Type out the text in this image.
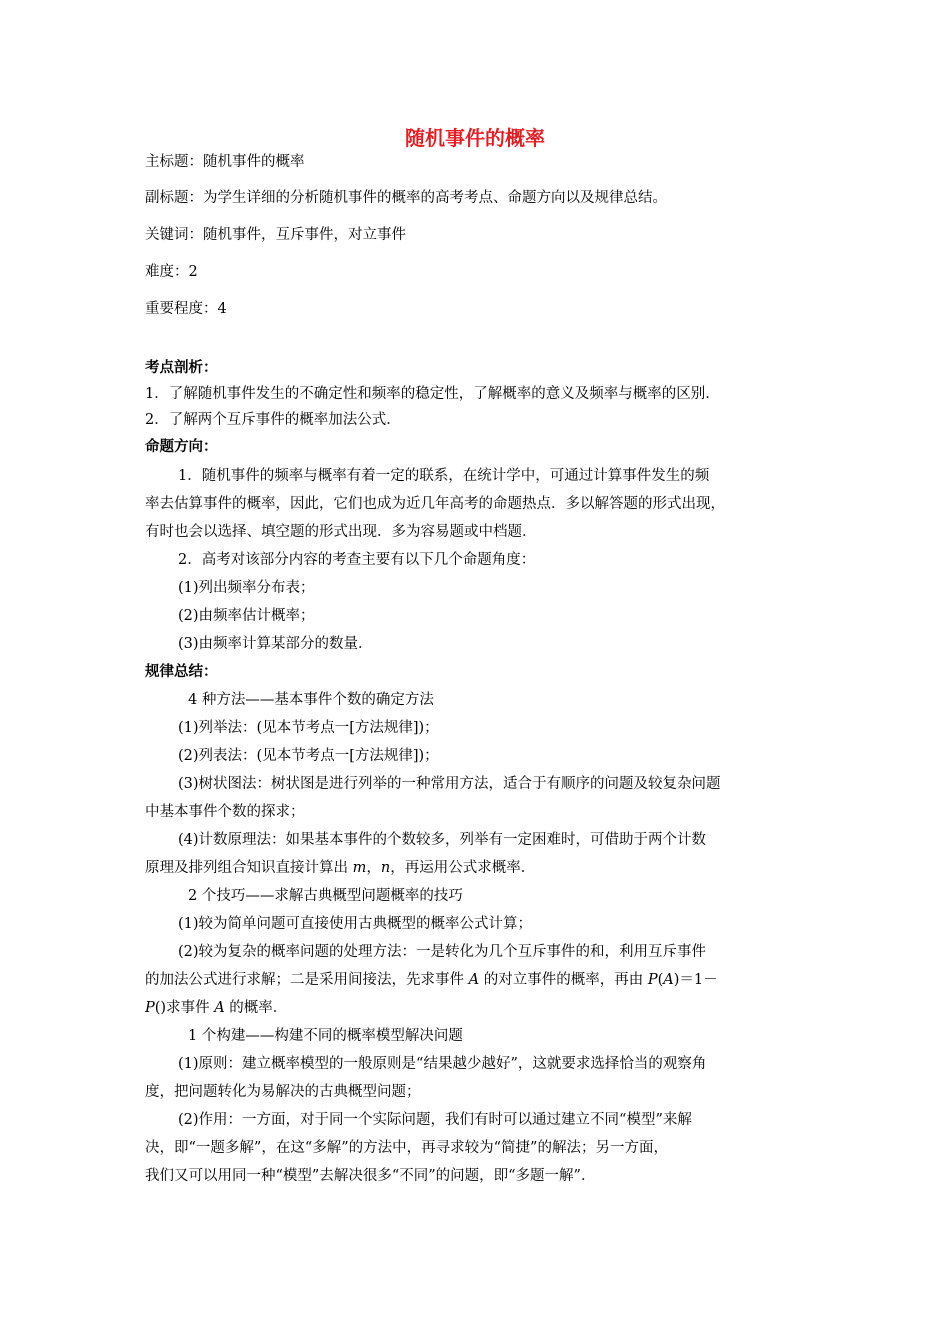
随机事件的概率
主标题：随机事件的概率
副标题：为学生详细的分析随机事件的概率的高考考点、命题方向以及规律总结。
关键词：随机事件，互斥事件，对立事件
难度：2
重要程度：4
考点剖析：
1．了解随机事件发生的不确定性和频率的稳定性，了解概率的意义及频率与概率的区别．
2．了解两个互斥事件的概率加法公式．
命题方向：
1．随机事件的频率与概率有着一定的联系，在统计学中，可通过计算事件发生的频
率去估算事件的概率，因此，它们也成为近几年高考的命题热点．多以解答题的形式出现，
有时也会以选择、填空题的形式出现．多为容易题或中档题．
2．高考对该部分内容的考查主要有以下几个命题角度：
(1)列出频率分布表；
(2)由频率估计概率；
(3)由频率计算某部分的数量．
规律总结：
4 种方法——基本事件个数的确定方法
(1)列举法：(见本节考点一[方法规律])；
(2)列表法：(见本节考点一[方法规律])；
(3)树状图法：树状图是进行列举的一种常用方法，适合于有顺序的问题及较复杂问题
中基本事件个数的探求；
(4)计数原理法：如果基本事件的个数较多，列举有一定困难时，可借助于两个计数
原理及排列组合知识直接计算出 m，n，再运用公式求概率．
2 个技巧——求解古典概型问题概率的技巧
(1)较为简单问题可直接使用古典概型的概率公式计算；
(2)较为复杂的概率问题的处理方法：一是转化为几个互斥事件的和，利用互斥事件
的加法公式进行求解；二是采用间接法，先求事件 A 的对立事件的概率，再由 P(A)＝1－
P()求事件 A 的概率．
1 个构建——构建不同的概率模型解决问题
(1)原则：建立概率模型的一般原则是“结果越少越好”，这就要求选择恰当的观察角
度，把问题转化为易解决的古典概型问题；
(2)作用：一方面，对于同一个实际问题，我们有时可以通过建立不同“模型”来解
决，即“一题多解”，在这“多解”的方法中，再寻求较为“简捷”的解法；另一方面，
我们又可以用同一种“模型”去解决很多“不同”的问题，即“多题一解”．
